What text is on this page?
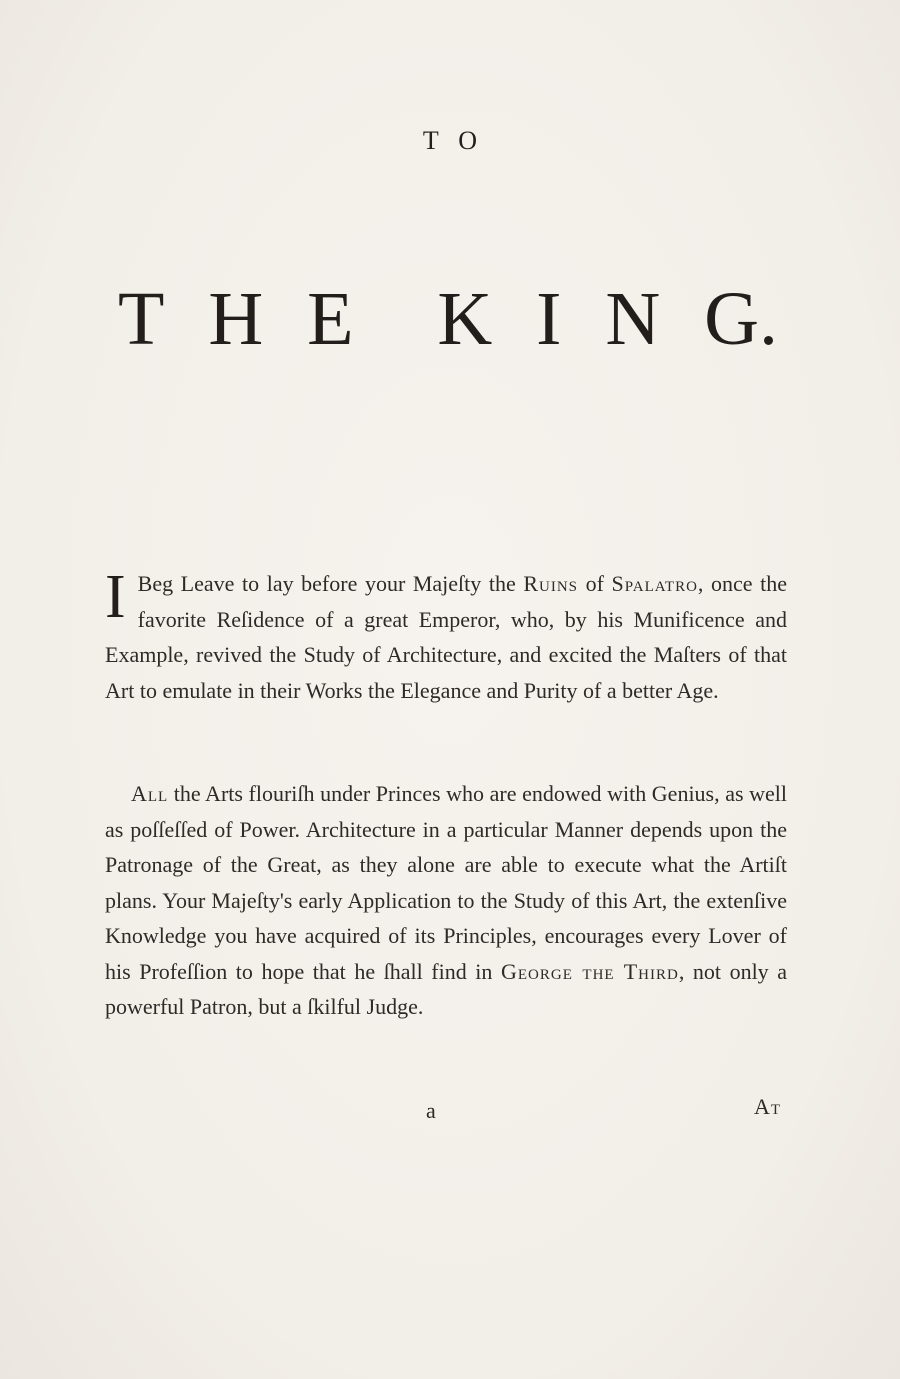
TO
T H E K I N G.
I Beg Leave to lay before your Majeſty the Ruins of Spalatro, once the favorite Reſidence of a great Emperor, who, by his Munificence and Example, revived the Study of Architecture, and excited the Maſters of that Art to emulate in their Works the Elegance and Purity of a better Age.
All the Arts flouriſh under Princes who are endowed with Genius, as well as poſſeſſed of Power. Architecture in a particular Manner depends upon the Patronage of the Great, as they alone are able to execute what the Artiſt plans. Your Majeſty's early Application to the Study of this Art, the extenſive Knowledge you have acquired of its Principles, encourages every Lover of his Profeſſion to hope that he ſhall find in George the Third, not only a powerful Patron, but a ſkilful Judge.
a	At
